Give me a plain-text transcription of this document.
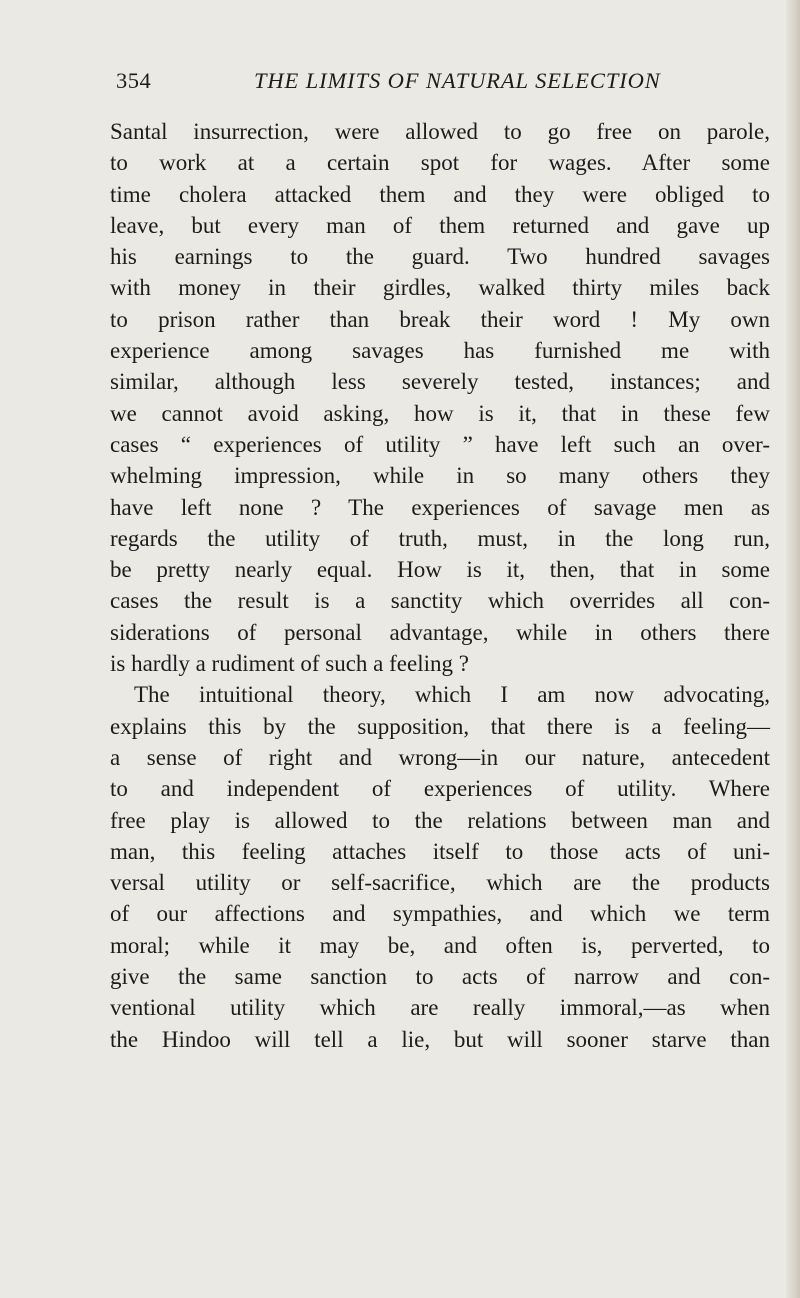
354	THE LIMITS OF NATURAL SELECTION
Santal insurrection, were allowed to go free on parole,
to work at a certain spot for wages. After some
time cholera attacked them and they were obliged to
leave, but every man of them returned and gave up
his earnings to the guard. Two hundred savages
with money in their girdles, walked thirty miles back
to prison rather than break their word ! My own
experience among savages has furnished me with
similar, although less severely tested, instances; and
we cannot avoid asking, how is it, that in these few
cases “ experiences of utility ” have left such an over-
whelming impression, while in so many others they
have left none ? The experiences of savage men as
regards the utility of truth, must, in the long run,
be pretty nearly equal. How is it, then, that in some
cases the result is a sanctity which overrides all con-
siderations of personal advantage, while in others there
is hardly a rudiment of such a feeling ?
The intuitional theory, which I am now advocating,
explains this by the supposition, that there is a feeling—
a sense of right and wrong—in our nature, antecedent
to and independent of experiences of utility. Where
free play is allowed to the relations between man and
man, this feeling attaches itself to those acts of uni-
versal utility or self-sacrifice, which are the products
of our affections and sympathies, and which we term
moral; while it may be, and often is, perverted, to
give the same sanction to acts of narrow and con-
ventional utility which are really immoral,—as when
the Hindoo will tell a lie, but will sooner starve than
